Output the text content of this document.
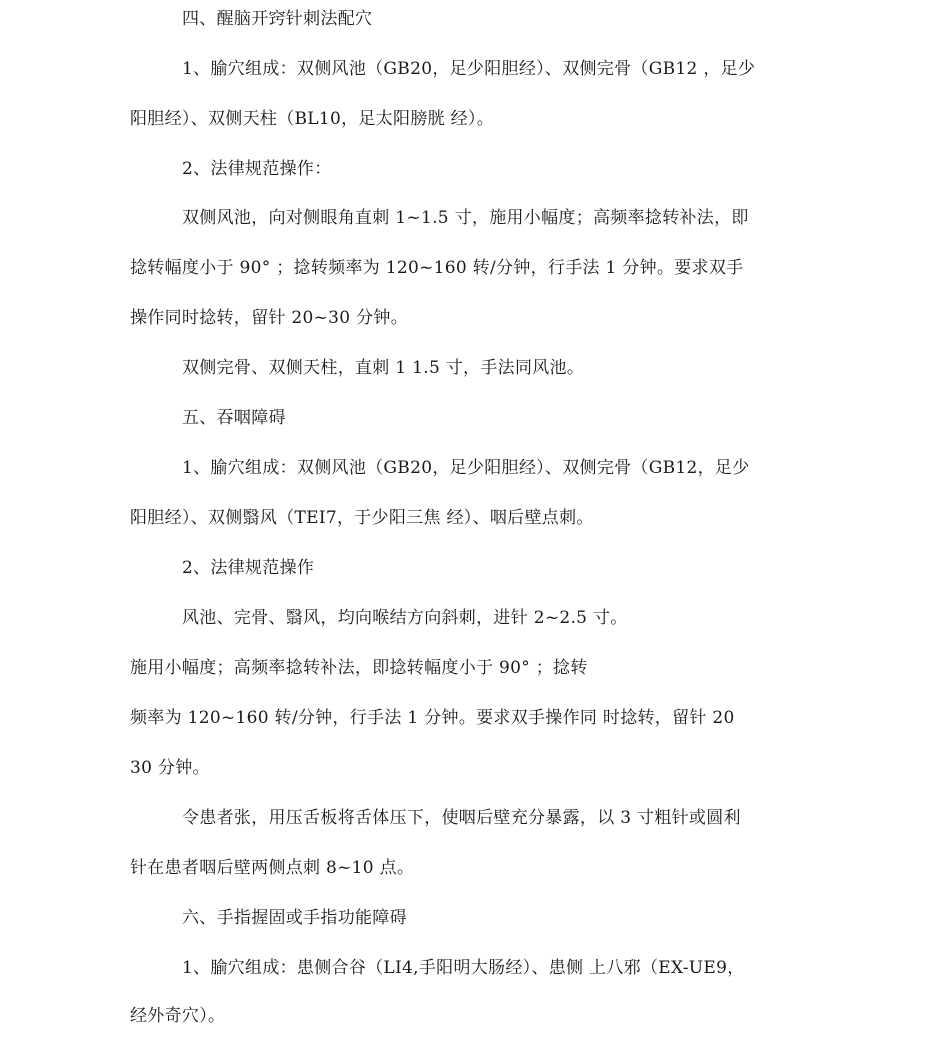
四、醒脑开窍针刺法配穴

1、腧穴组成：双侧风池（GB20，足少阳胆经）、双侧完骨（GB12 ，足少

阳胆经）、双侧天柱（BL10，足太阳膀胱 经）。

2、法律规范操作：

双侧风池，向对侧眼角直刺 1~1.5 寸，施用小幅度；高频率捻转补法，即

捻转幅度小于 90° ；捻转频率为 120~160 转/分钟，行手法 1 分钟。要求双手

操作同时捻转，留针 20~30 分钟。

双侧完骨、双侧天柱，直刺 1 1.5 寸，手法同风池。

五、吞咽障碍

1、腧穴组成：双侧风池（GB20，足少阳胆经）、双侧完骨（GB12，足少

阳胆经）、双侧翳风（TEI7，于少阳三焦 经）、咽后壁点刺。

2、法律规范操作

风池、完骨、翳风，均向喉结方向斜刺，进针 2~2.5 寸。

施用小幅度；高频率捻转补法，即捻转幅度小于 90° ；捻转

频率为 120~160 转/分钟，行手法 1 分钟。要求双手操作同 时捻转，留针 20

30 分钟。

令患者张，用压舌板将舌体压下，使咽后壁充分暴露，以 3 寸粗针或圆利

针在患者咽后壁两侧点刺 8~10 点。

六、手指握固或手指功能障碍

1、腧穴组成：患侧合谷（LI4,手阳明大肠经）、患侧 上八邪（EX-UE9，

经外奇穴）。
